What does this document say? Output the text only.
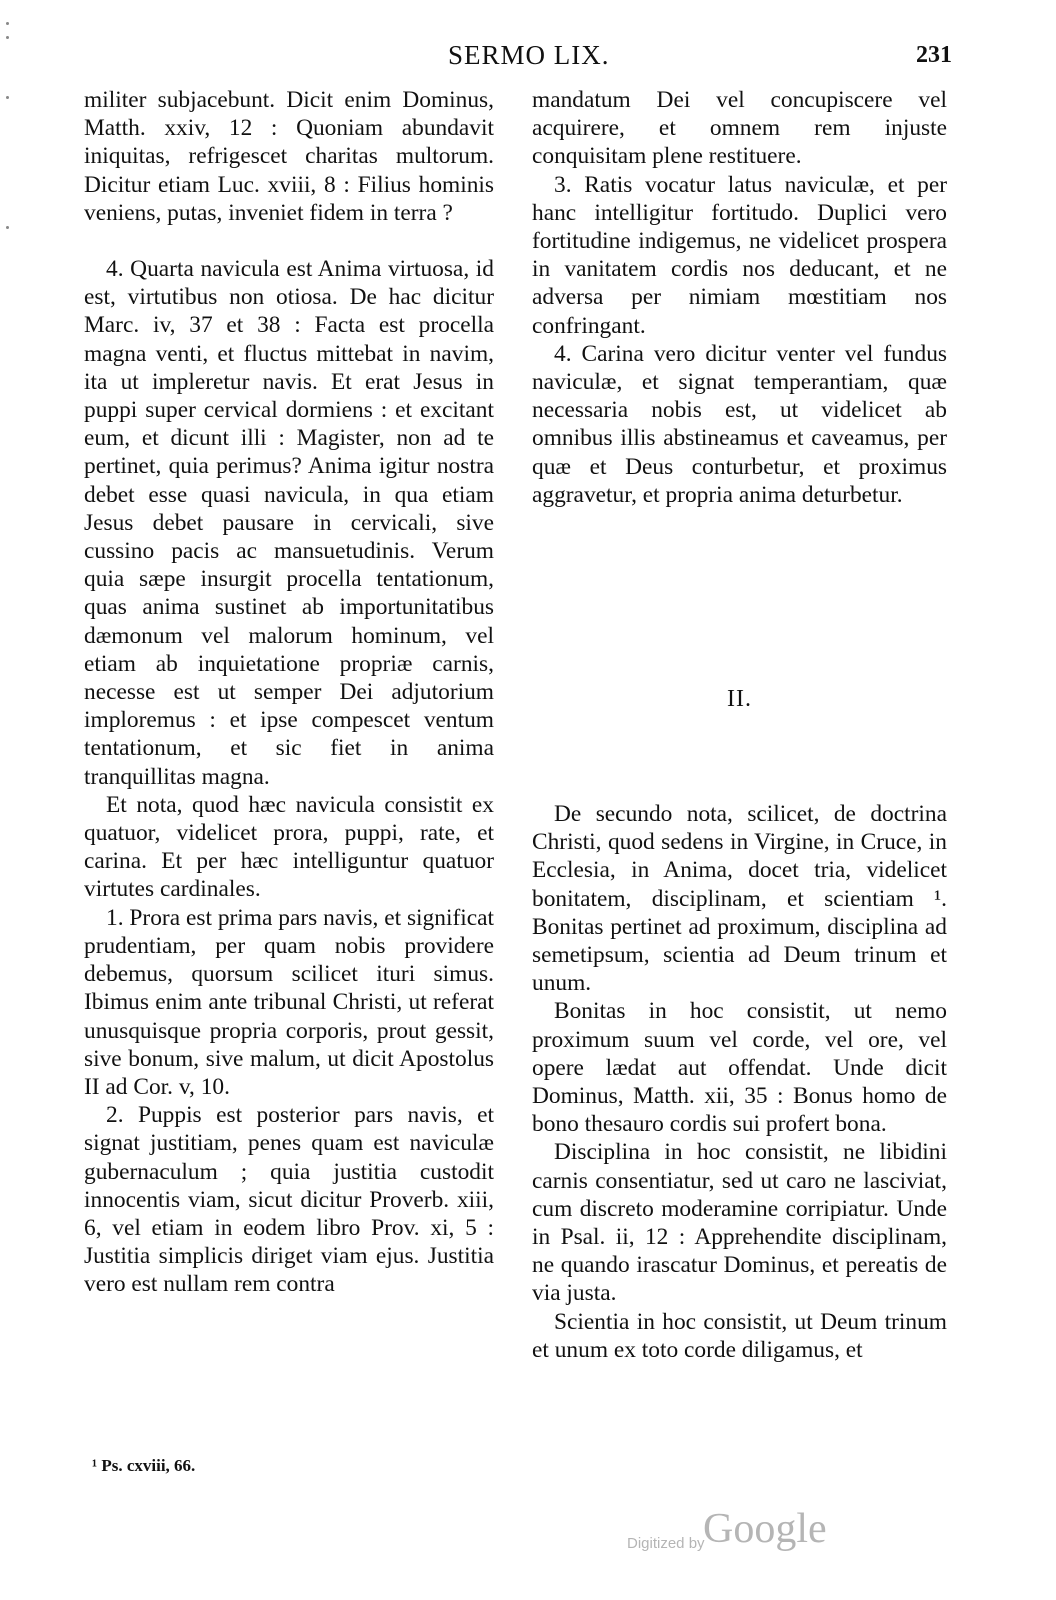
SERMO LIX.	231

militer subjacebunt. Dicit enim Dominus, Matth. xxiv, 12 : Quoniam abundavit iniquitas, refrigescet charitas multorum. Dicitur etiam Luc. xviii, 8 : Filius hominis veniens, putas, inveniet fidem in terra ?

4. Quarta navicula est Anima virtuosa, id est, virtutibus non otiosa. De hac dicitur Marc. iv, 37 et 38 : Facta est procella magna venti, et fluctus mittebat in navim, ita ut impleretur navis. Et erat Jesus in puppi super cervical dormiens : et excitant eum, et dicunt illi : Magister, non ad te pertinet, quia perimus? Anima igitur nostra debet esse quasi navicula, in qua etiam Jesus debet pausare in cervicali, sive cussino pacis ac mansuetudinis. Verum quia sæpe insurgit procella tentationum, quas anima sustinet ab importunitatibus dæmonum vel malorum hominum, vel etiam ab inquietatione propriæ carnis, necesse est ut semper Dei adjutorium imploremus : et ipse compescet ventum tentationum, et sic fiet in anima tranquillitas magna.

Et nota, quod hæc navicula consistit ex quatuor, videlicet prora, puppi, rate, et carina. Et per hæc intelliguntur quatuor virtutes cardinales.

1. Prora est prima pars navis, et significat prudentiam, per quam nobis providere debemus, quorsum scilicet ituri simus. Ibimus enim ante tribunal Christi, ut referat unusquisque propria corporis, prout gessit, sive bonum, sive malum, ut dicit Apostolus II ad Cor. v, 10.

2. Puppis est posterior pars navis, et signat justitiam, penes quam est naviculæ gubernaculum ; quia justitia custodit innocentis viam, sicut dicitur Proverb. xiii, 6, vel etiam in eodem libro Prov. xi, 5 : Justitia simplicis diriget viam ejus. Justitia vero est nullam rem contra

mandatum Dei vel concupiscere vel acquirere, et omnem rem injuste conquisitam plene restituere.

3. Ratis vocatur latus naviculæ, et per hanc intelligitur fortitudo. Duplici vero fortitudine indigemus, ne videlicet prospera in vanitatem cordis nos deducant, et ne adversa per nimiam mœstitiam nos confringant.

4. Carina vero dicitur venter vel fundus naviculæ, et signat temperantiam, quæ necessaria nobis est, ut videlicet ab omnibus illis abstineamus et caveamus, per quæ et Deus conturbetur, et proximus aggravetur, et propria anima deturbetur.

II.

De secundo nota, scilicet, de doctrina Christi, quod sedens in Virgine, in Cruce, in Ecclesia, in Anima, docet tria, videlicet bonitatem, disciplinam, et scientiam ¹. Bonitas pertinet ad proximum, disciplina ad semetipsum, scientia ad Deum trinum et unum.

Bonitas in hoc consistit, ut nemo proximum suum vel corde, vel ore, vel opere lædat aut offendat. Unde dicit Dominus, Matth. xii, 35 : Bonus homo de bono thesauro cordis sui profert bona.

Disciplina in hoc consistit, ne libidini carnis consentiatur, sed ut caro ne lasciviat, cum discreto moderamine corripiatur. Unde in Psal. ii, 12 : Apprehendite disciplinam, ne quando irascatur Dominus, et pereatis de via justa.

Scientia in hoc consistit, ut Deum trinum et unum ex toto corde diligamus, et

¹ Ps. cxviii, 66.
Digitized by
Google
